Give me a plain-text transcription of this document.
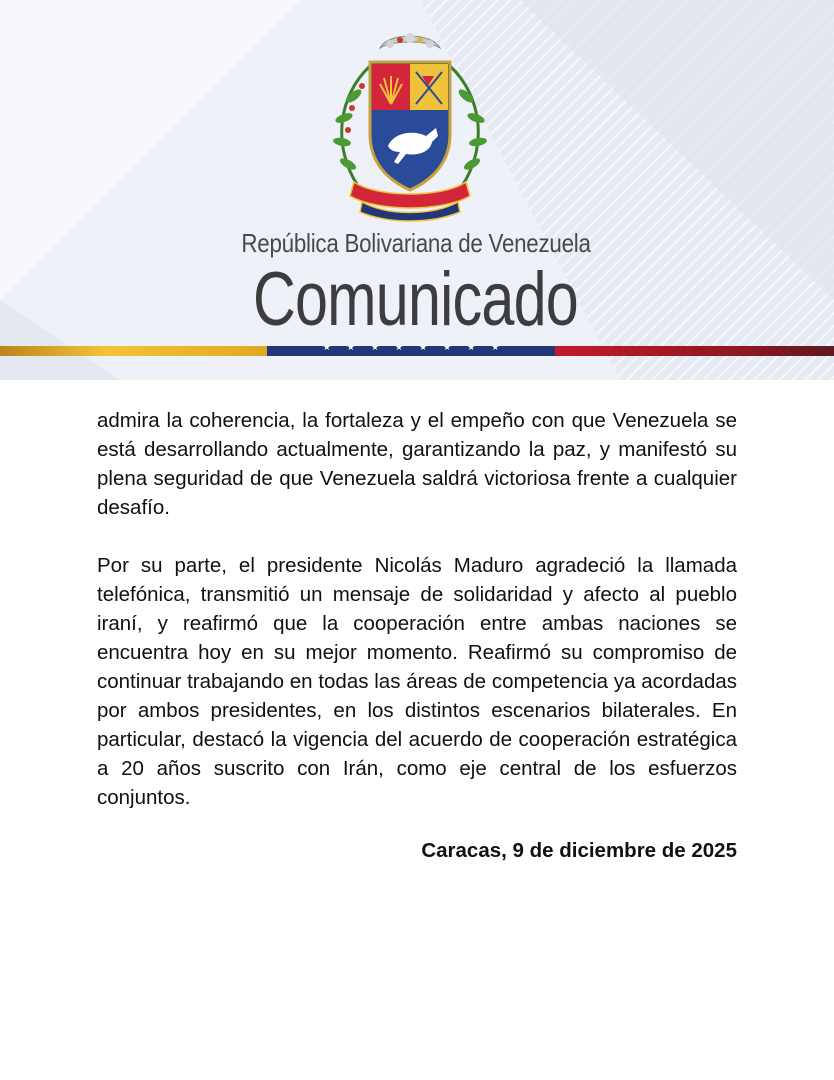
República Bolivariana de Venezuela
Comunicado
★★★★★★★★

admira la coherencia, la fortaleza y el empeño con que Venezuela se está desarrollando actualmente, garantizando la paz, y manifestó su plena seguridad de que Venezuela saldrá victoriosa frente a cualquier desafío.

Por su parte, el presidente Nicolás Maduro agradeció la llamada telefónica, transmitió un mensaje de solidaridad y afecto al pueblo iraní, y reafirmó que la cooperación entre ambas naciones se encuentra hoy en su mejor momento. Reafirmó su compromiso de continuar trabajando en todas las áreas de competencia ya acordadas por ambos presidentes, en los distintos escenarios bilaterales. En particular, destacó la vigencia del acuerdo de cooperación estratégica a 20 años suscrito con Irán, como eje central de los esfuerzos conjuntos.

Caracas, 9 de diciembre de 2025
